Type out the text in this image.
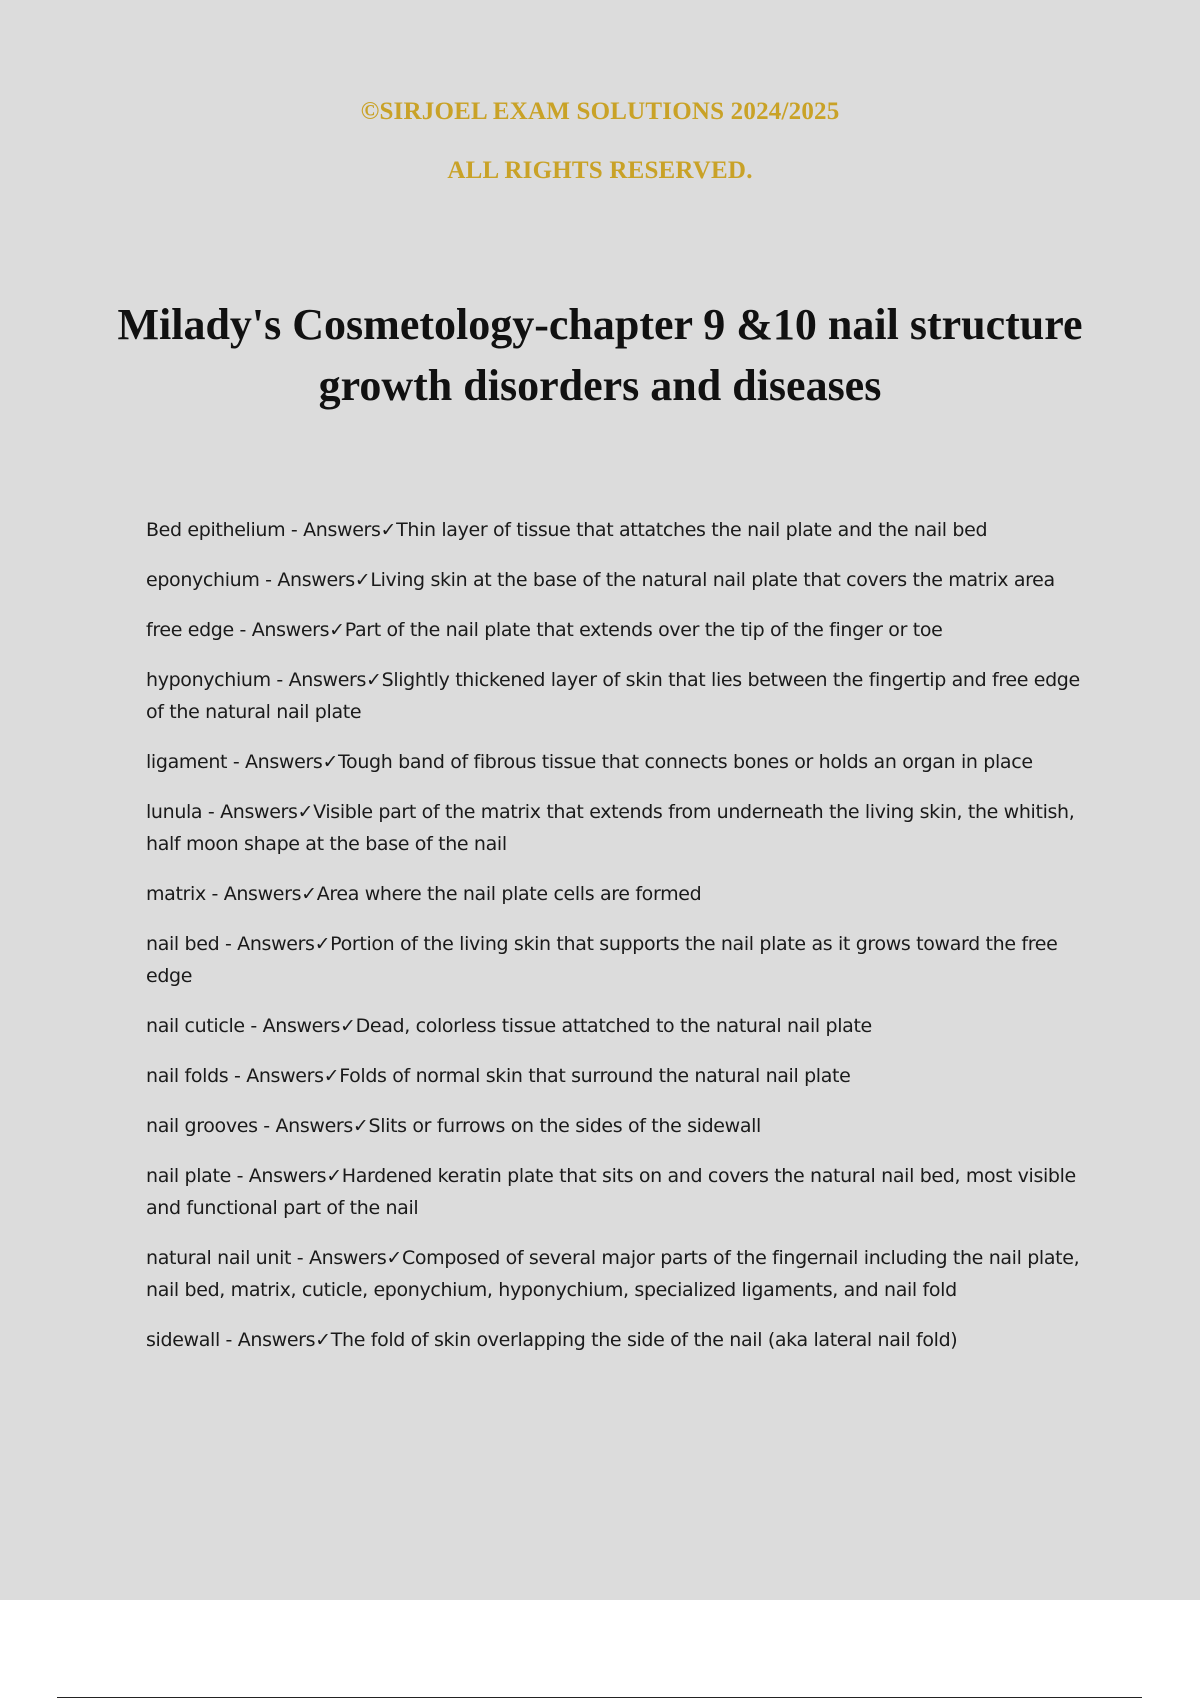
©SIRJOEL EXAM SOLUTIONS 2024/2025
ALL RIGHTS RESERVED.
Milady's Cosmetology-chapter 9 &10 nail structure growth disorders and diseases
Bed epithelium - Answers✓Thin layer of tissue that attatches the nail plate and the nail bed
eponychium - Answers✓Living skin at the base of the natural nail plate that covers the matrix area
free edge - Answers✓Part of the nail plate that extends over the tip of the finger or toe
hyponychium - Answers✓Slightly thickened layer of skin that lies between the fingertip and free edge of the natural nail plate
ligament - Answers✓Tough band of fibrous tissue that connects bones or holds an organ in place
lunula - Answers✓Visible part of the matrix that extends from underneath the living skin, the whitish, half moon shape at the base of the nail
matrix - Answers✓Area where the nail plate cells are formed
nail bed - Answers✓Portion of the living skin that supports the nail plate as it grows toward the free edge
nail cuticle - Answers✓Dead, colorless tissue attatched to the natural nail plate
nail folds - Answers✓Folds of normal skin that surround the natural nail plate
nail grooves - Answers✓Slits or furrows on the sides of the sidewall
nail plate - Answers✓Hardened keratin plate that sits on and covers the natural nail bed, most visible and functional part of the nail
natural nail unit - Answers✓Composed of several major parts of the fingernail including the nail plate, nail bed, matrix, cuticle, eponychium, hyponychium, specialized ligaments, and nail fold
sidewall - Answers✓The fold of skin overlapping the side of the nail (aka lateral nail fold)
